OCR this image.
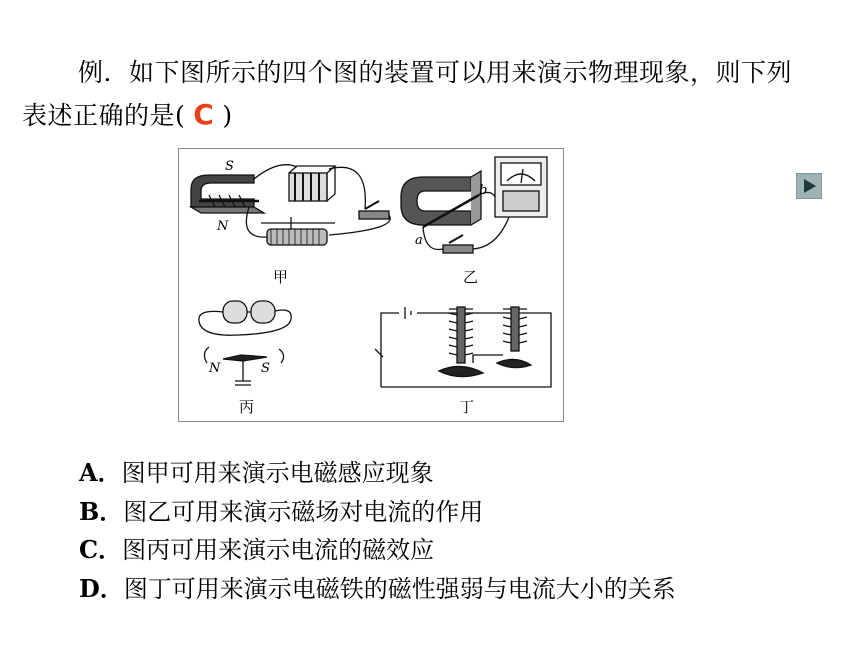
例．如下图所示的四个图的装置可以用来演示物理现象，则下列
表述正确的是( C )
甲	乙
丙	丁
S
N
b
a
N	S
A．图甲可用来演示电磁感应现象
B．图乙可用来演示磁场对电流的作用
C．图丙可用来演示电流的磁效应
D．图丁可用来演示电磁铁的磁性强弱与电流大小的关系
